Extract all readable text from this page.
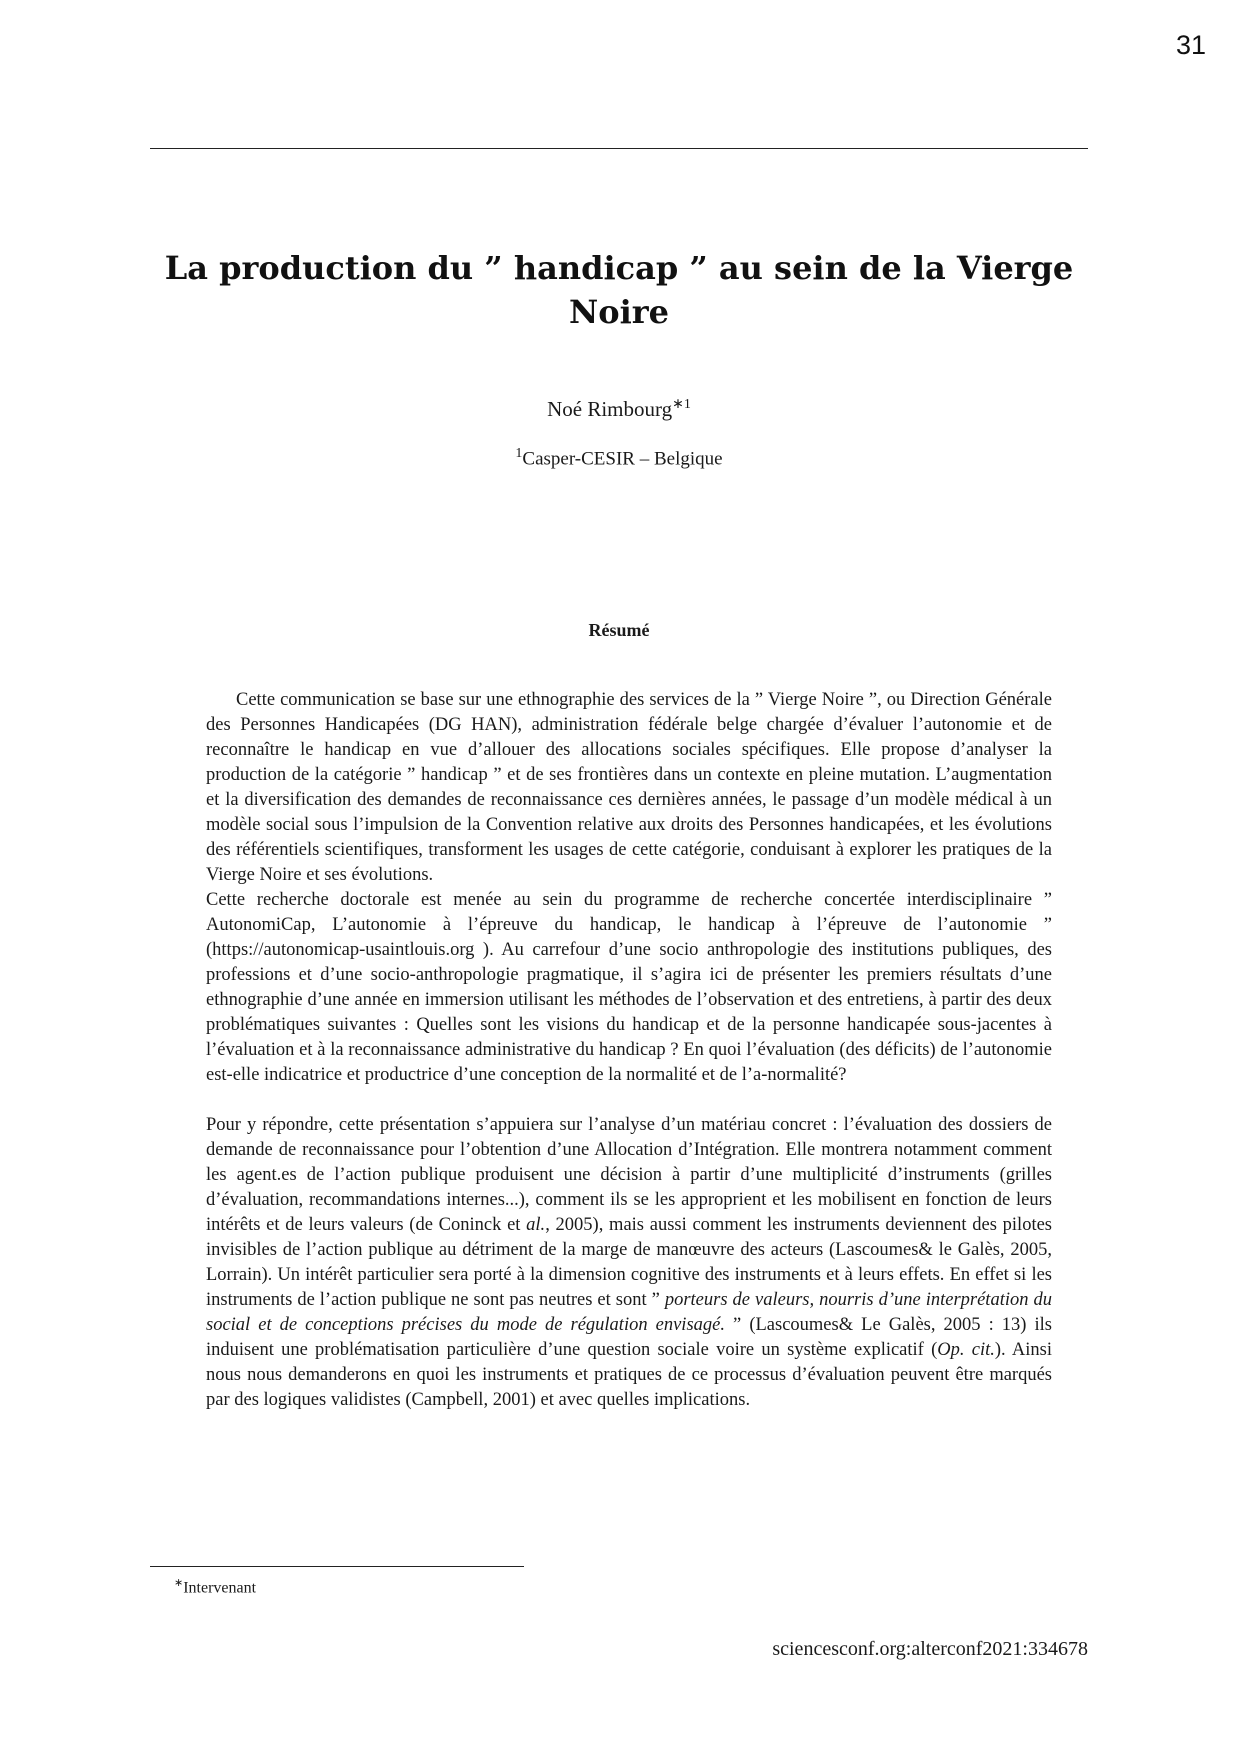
31
La production du ” handicap ” au sein de la Vierge Noire
Noé Rimbourg$^{∗1}$
$^1$Casper-CESIR – Belgique
Résumé

Cette communication se base sur une ethnographie des services de la ” Vierge Noire ”, ou Direction Générale des Personnes Handicapées (DG HAN), administration fédérale belge chargée d’évaluer l’autonomie et de reconnaître le handicap en vue d’allouer des allocations sociales spécifiques. Elle propose d’analyser la production de la catégorie ” handicap ” et de ses frontières dans un contexte en pleine mutation. L’augmentation et la diversification des demandes de reconnaissance ces dernières années, le passage d’un modèle médical à un modèle social sous l’impulsion de la Convention relative aux droits des Personnes handicapées, et les évolutions des référentiels scientifiques, transforment les usages de cette catégorie, conduisant à explorer les pratiques de la Vierge Noire et ses évolutions.

Cette recherche doctorale est menée au sein du programme de recherche concertée interdisciplinaire ” AutonomiCap, L’autonomie à l’épreuve du handicap, le handicap à l’épreuve de l’autonomie ” (https://autonomicap-usaintlouis.org ). Au carrefour d’une socio anthropologie des institutions publiques, des professions et d’une socio-anthropologie pragmatique, il s’agira ici de présenter les premiers résultats d’une ethnographie d’une année en immersion utilisant les méthodes de l’observation et des entretiens, à partir des deux problématiques suivantes : Quelles sont les visions du handicap et de la personne handicapée sous-jacentes à l’évaluation et à la reconnaissance administrative du handicap ? En quoi l’évaluation (des déficits) de l’autonomie est-elle indicatrice et productrice d’une conception de la normalité et de l’a-normalité?

Pour y répondre, cette présentation s’appuiera sur l’analyse d’un matériau concret : l’évaluation des dossiers de demande de reconnaissance pour l’obtention d’une Allocation d’Intégration. Elle montrera notamment comment les agent.es de l’action publique produisent une décision à partir d’une multiplicité d’instruments (grilles d’évaluation, recommandations internes...), comment ils se les approprient et les mobilisent en fonction de leurs intérêts et de leurs valeurs (de Coninck et al., 2005), mais aussi comment les instruments deviennent des pilotes invisibles de l’action publique au détriment de la marge de manœuvre des acteurs (Lascoumes& le Galès, 2005, Lorrain). Un intérêt particulier sera porté à la dimension cognitive des instruments et à leurs effets. En effet si les instruments de l’action publique ne sont pas neutres et sont ” porteurs de valeurs, nourris d’une interprétation du social et de conceptions précises du mode de régulation envisagé. ” (Lascoumes& Le Galès, 2005 : 13) ils induisent une problématisation particulière d’une question sociale voire un système explicatif (Op. cit.). Ainsi nous nous demanderons en quoi les instruments et pratiques de ce processus d’évaluation peuvent être marqués par des logiques validistes (Campbell, 2001) et avec quelles implications.

∗Intervenant
sciencesconf.org:alterconf2021:334678
